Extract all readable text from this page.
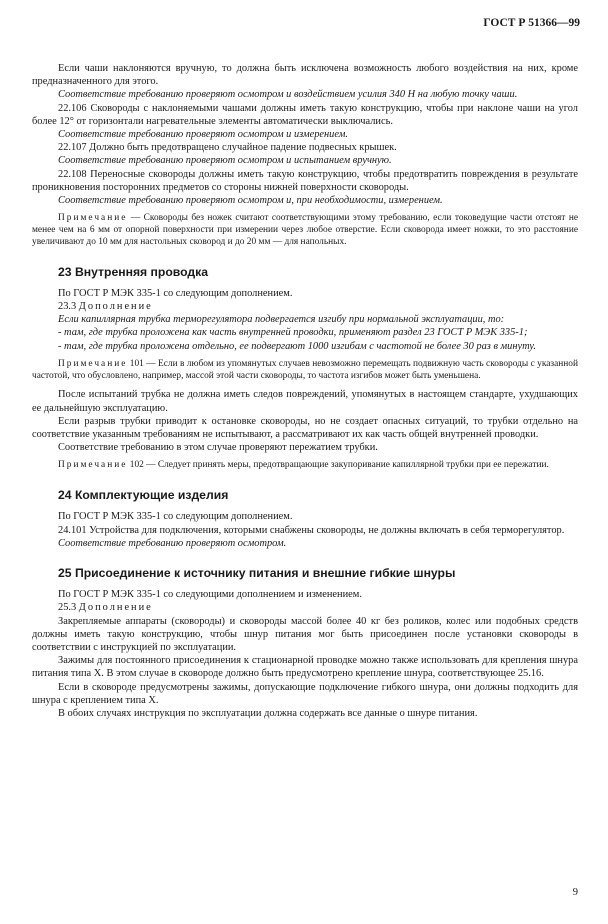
ГОСТ Р 51366—99

Если чаши наклоняются вручную, то должна быть исключена возможность любого воздействия на них, кроме предназначенного для этого.

Соответствие требованию проверяют осмотром и воздействием усилия 340 Н на любую точку чаши.

22.106 Сковороды с наклоняемыми чашами должны иметь такую конструкцию, чтобы при наклоне чаши на угол более 12° от горизонтали нагревательные элементы автоматически выключались.

Соответствие требованию проверяют осмотром и измерением.

22.107 Должно быть предотвращено случайное падение подвесных крышек.

Соответствие требованию проверяют осмотром и испытанием вручную.

22.108 Переносные сковороды должны иметь такую конструкцию, чтобы предотвратить повреждения в результате проникновения посторонних предметов со стороны нижней поверхности сковороды.

Соответствие требованию проверяют осмотром и, при необходимости, измерением.

Примечание — Сковороды без ножек считают соответствующими этому требованию, если токоведущие части отстоят не менее чем на 6 мм от опорной поверхности при измерении через любое отверстие. Если сковорода имеет ножки, то это расстояние увеличивают до 10 мм для настольных сковород и до 20 мм — для напольных.

23 Внутренняя проводка

По ГОСТ Р МЭК 335-1 со следующим дополнением.

23.3 Дополнение

Если капиллярная трубка терморегулятора подвергается изгибу при нормальной эксплуатации, то:

- там, где трубка проложена как часть внутренней проводки, применяют раздел 23 ГОСТ Р МЭК 335-1;

- там, где трубка проложена отдельно, ее подвергают 1000 изгибам с частотой не более 30 раз в минуту.

Примечание 101 — Если в любом из упомянутых случаев невозможно перемещать подвижную часть сковороды с указанной частотой, что обусловлено, например, массой этой части сковороды, то частота изгибов может быть уменьшена.

После испытаний трубка не должна иметь следов повреждений, упомянутых в настоящем стандарте, ухудшающих ее дальнейшую эксплуатацию.

Если разрыв трубки приводит к остановке сковороды, но не создает опасных ситуаций, то трубки отдельно на соответствие указанным требованиям не испытывают, а рассматривают их как часть общей внутренней проводки.

Соответствие требованию в этом случае проверяют пережатием трубки.

Примечание 102 — Следует принять меры, предотвращающие закупоривание капиллярной трубки при ее пережатии.

24 Комплектующие изделия

По ГОСТ Р МЭК 335-1 со следующим дополнением.

24.101 Устройства для подключения, которыми снабжены сковороды, не должны включать в себя терморегулятор.

Соответствие требованию проверяют осмотром.

25 Присоединение к источнику питания и внешние гибкие шнуры

По ГОСТ Р МЭК 335-1 со следующими дополнением и изменением.

25.3 Дополнение

Закрепляемые аппараты (сковороды) и сковороды массой более 40 кг без роликов, колес или подобных средств должны иметь такую конструкцию, чтобы шнур питания мог быть присоединен после установки сковороды в соответствии с инструкцией по эксплуатации.

Зажимы для постоянного присоединения к стационарной проводке можно также использовать для крепления шнура питания типа X. В этом случае в сковороде должно быть предусмотрено крепление шнура, соответствующее 25.16.

Если в сковороде предусмотрены зажимы, допускающие подключение гибкого шнура, они должны подходить для шнура с креплением типа X.

В обоих случаях инструкция по эксплуатации должна содержать все данные о шнуре питания.

9
